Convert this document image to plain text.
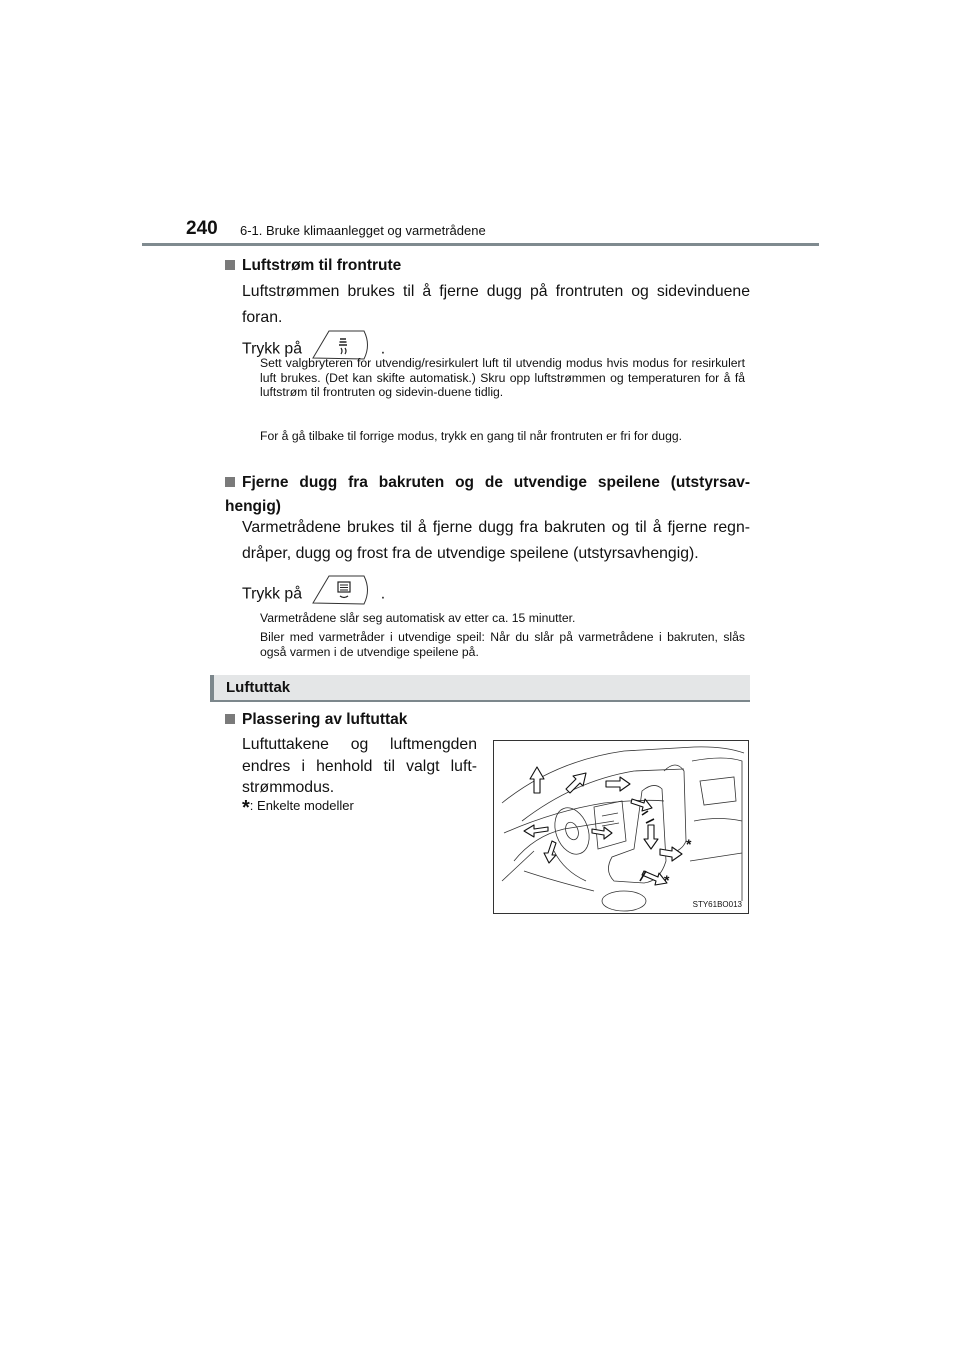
240 6-1. Bruke klimaanlegget og varmetrådene
Luftstrøm til frontrute
Luftstrømmen brukes til å fjerne dugg på frontruten og sidevinduene foran.
Trykk på	.
Sett valgbryteren for utvendig/resirkulert luft til utvendig modus hvis modus for resirkulert luft brukes. (Det kan skifte automatisk.) Skru opp luftstrømmen og temperaturen for å få luftstrøm til frontruten og sidevin-duene tidlig.
For å gå tilbake til forrige modus, trykk en gang til når frontruten er fri for dugg.
Fjerne dugg fra bakruten og de utvendige speilene (utstyrsav-hengig)
Varmetrådene brukes til å fjerne dugg fra bakruten og til å fjerne regn-dråper, dugg og frost fra de utvendige speilene (utstyrsavhengig).
Trykk på	.
Varmetrådene slår seg automatisk av etter ca. 15 minutter.
Biler med varmetråder i utvendige speil: Når du slår på varmetrådene i bakruten, slås også varmen i de utvendige speilene på.
Luftuttak
Plassering av luftuttak
Luftuttakene og luftmengden endres i henhold til valgt luft-strømmodus.
*: Enkelte modeller
*
*
STY61BO013
